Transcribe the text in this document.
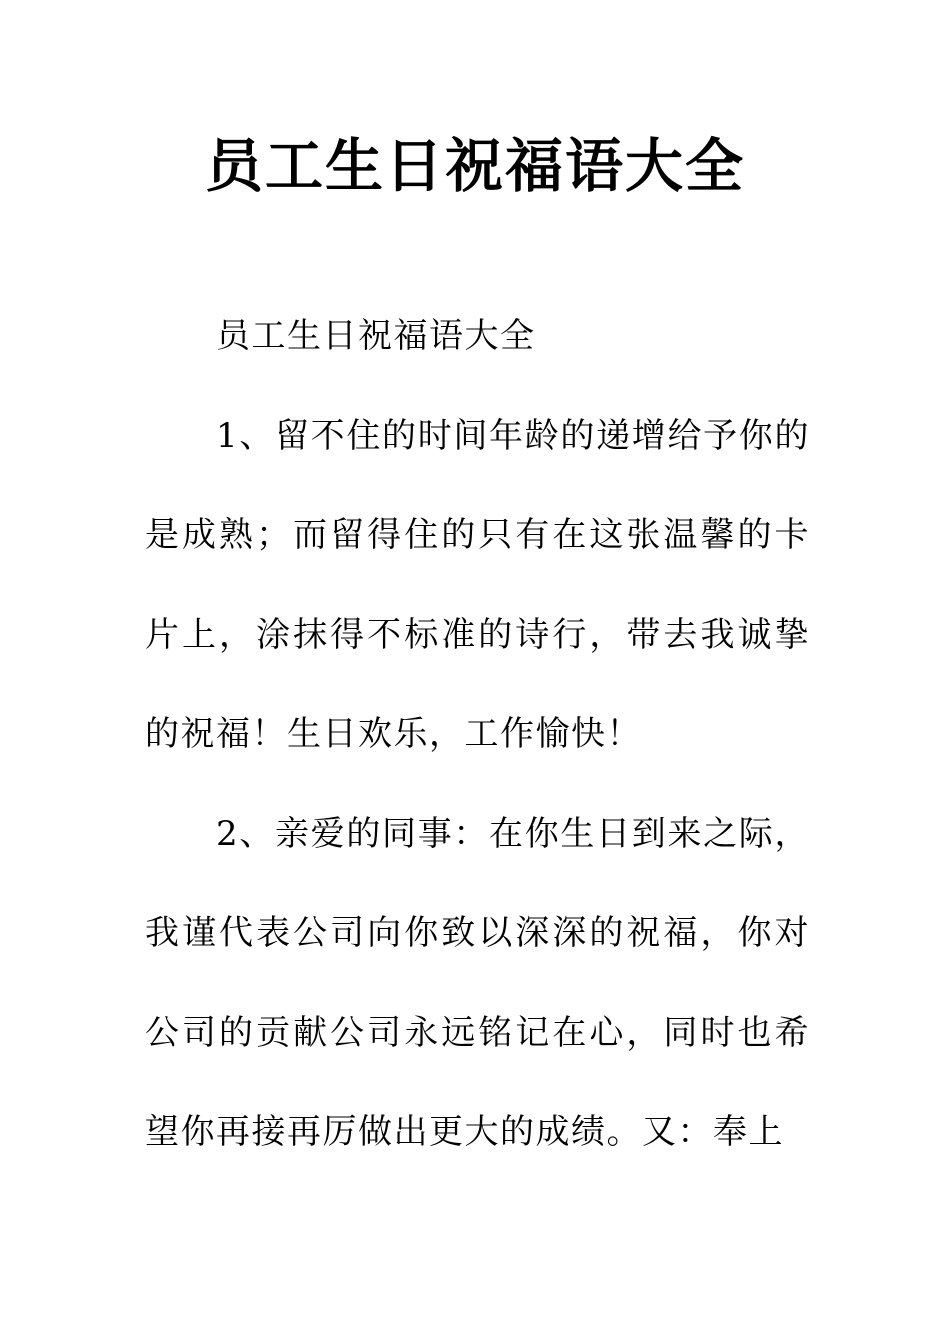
员工生日祝福语大全

员工生日祝福语大全

1、留不住的时间年龄的递增给予你的是成熟；而留得住的只有在这张温馨的卡片上，涂抹得不标准的诗行，带去我诚挚的祝福！生日欢乐，工作愉快！

2、亲爱的同事：在你生日到来之际，我谨代表公司向你致以深深的祝福，你对公司的贡献公司永远铭记在心，同时也希望你再接再厉做出更大的成绩。又：奉上
